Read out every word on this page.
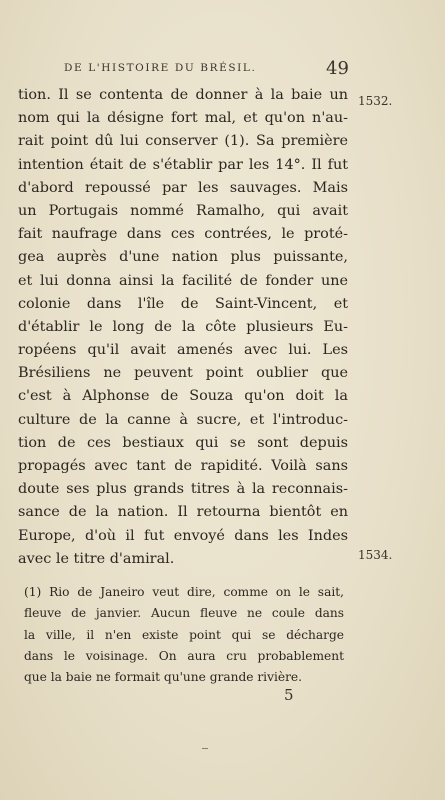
DE L'HISTOIRE DU BRÉSIL.	49
tion. Il se contenta de donner à la baie un
nom qui la désigne fort mal, et qu'on n'au-
rait point dû lui conserver (1). Sa première
intention était de s'établir par les 14°. Il fut
d'abord repoussé par les sauvages. Mais
un Portugais nommé Ramalho, qui avait
fait naufrage dans ces contrées, le proté-
gea auprès d'une nation plus puissante,
et lui donna ainsi la facilité de fonder une
colonie dans l'île de Saint-Vincent, et
d'établir le long de la côte plusieurs Eu-
ropéens qu'il avait amenés avec lui. Les
Brésiliens ne peuvent point oublier que
c'est à Alphonse de Souza qu'on doit la
culture de la canne à sucre, et l'introduc-
tion de ces bestiaux qui se sont depuis
propagés avec tant de rapidité. Voilà sans
doute ses plus grands titres à la reconnais-
sance de la nation. Il retourna bientôt en
Europe, d'où il fut envoyé dans les Indes
avec le titre d'amiral.
1532.
1534.
(1) Rio de Janeiro veut dire, comme on le sait,
fleuve de janvier. Aucun fleuve ne coule dans
la ville, il n'en existe point qui se décharge
dans le voisinage. On aura cru probablement
que la baie ne formait qu'une grande rivière.
5
